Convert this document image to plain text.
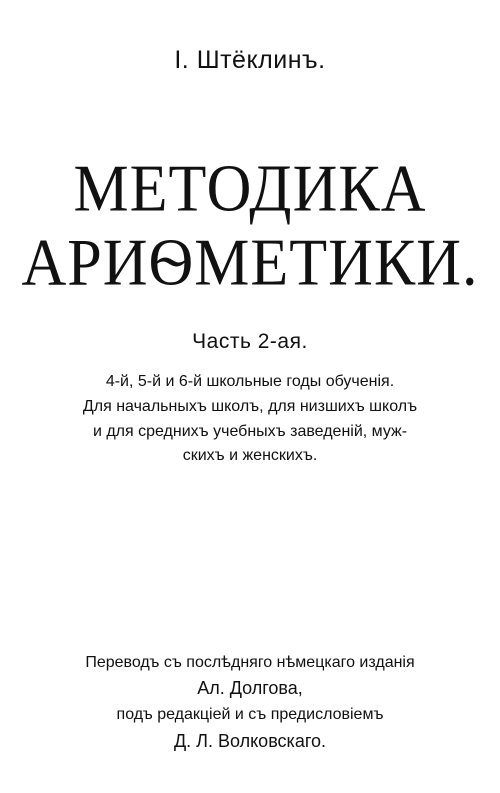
І. Штёклинъ.
МЕТОДИКА
АРИѲМЕТИКИ.
Часть 2-ая.
4-й, 5-й и 6-й школьные годы обученія.
Для начальныхъ школъ, для низшихъ школъ
и для среднихъ учебныхъ заведеній, муж-
скихъ и женскихъ.
Переводъ съ послѣдняго нѣмецкаго изданія
Ал. Долгова,
подъ редакціей и съ предисловіемъ
Д. Л. Волковскаго.
